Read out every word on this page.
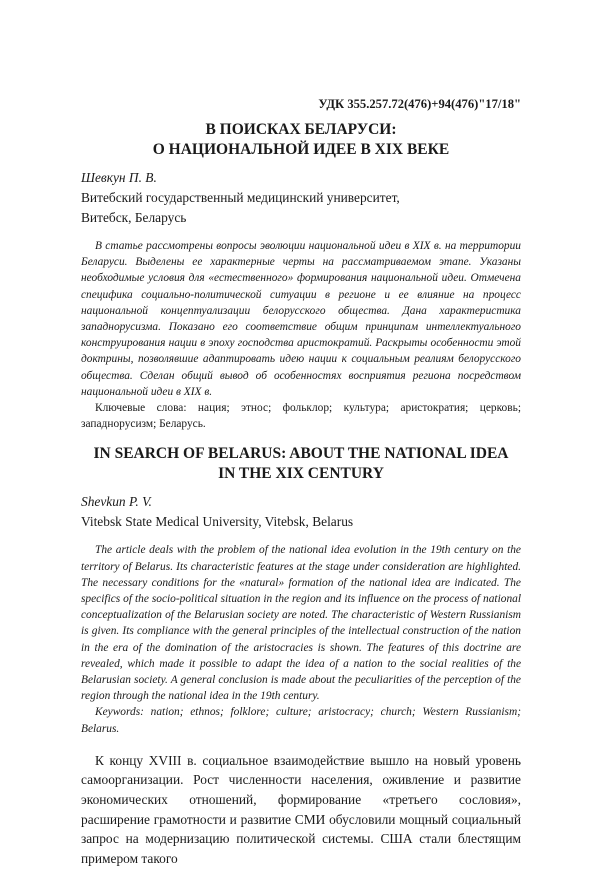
УДК 355.257.72(476)+94(476)"17/18"
В ПОИСКАХ БЕЛАРУСИ:
О НАЦИОНАЛЬНОЙ ИДЕЕ В XIX ВЕКЕ

Шевкун П. В.

Витебский государственный медицинский университет,

Витебск, Беларусь

В статье рассмотрены вопросы эволюции национальной идеи в XIX в. на территории Беларуси. Выделены ее характерные черты на рассматриваемом этапе. Указаны необходимые условия для «естественного» формирования национальной идеи. Отмечена специфика социально-политической ситуации в регионе и ее влияние на процесс национальной концептуализации белорусского общества. Дана характеристика западнорусизма. Показано его соответствие общим принципам интеллектуального конструирования нации в эпоху господства аристократий. Раскрыты особенности этой доктрины, позволявшие адаптировать идею нации к социальным реалиям белорусского общества. Сделан общий вывод об особенностях восприятия региона посредством национальной идеи в XIX в.

Ключевые слова: нация; этнос; фольклор; культура; аристократия; церковь; западнорусизм; Беларусь.

IN SEARCH OF BELARUS: ABOUT THE NATIONAL IDEA
IN THE XIX CENTURY

Shevkun P. V.

Vitebsk State Medical University, Vitebsk, Belarus

The article deals with the problem of the national idea evolution in the 19th century on the territory of Belarus. Its characteristic features at the stage under consideration are highlighted. The necessary conditions for the «natural» formation of the national idea are indicated. The specifics of the socio-political situation in the region and its influence on the process of national conceptualization of the Belarusian society are noted. The characteristic of Western Russianism is given. Its compliance with the general principles of the intellectual construction of the nation in the era of the domination of the aristocracies is shown. The features of this doctrine are revealed, which made it possible to adapt the idea of a nation to the social realities of the Belarusian society. A general conclusion is made about the peculiarities of the perception of the region through the national idea in the 19th century.

Keywords: nation; ethnos; folklore; culture; aristocracy; church; Western Russianism; Belarus.

К концу XVIII в. социальное взаимодействие вышло на новый уровень самоорганизации. Рост численности населения, оживление и развитие экономических отношений, формирование «третьего сословия», расширение грамотности и развитие СМИ обусловили мощный социальный запрос на модернизацию политической системы. США стали блестящим примером такого
